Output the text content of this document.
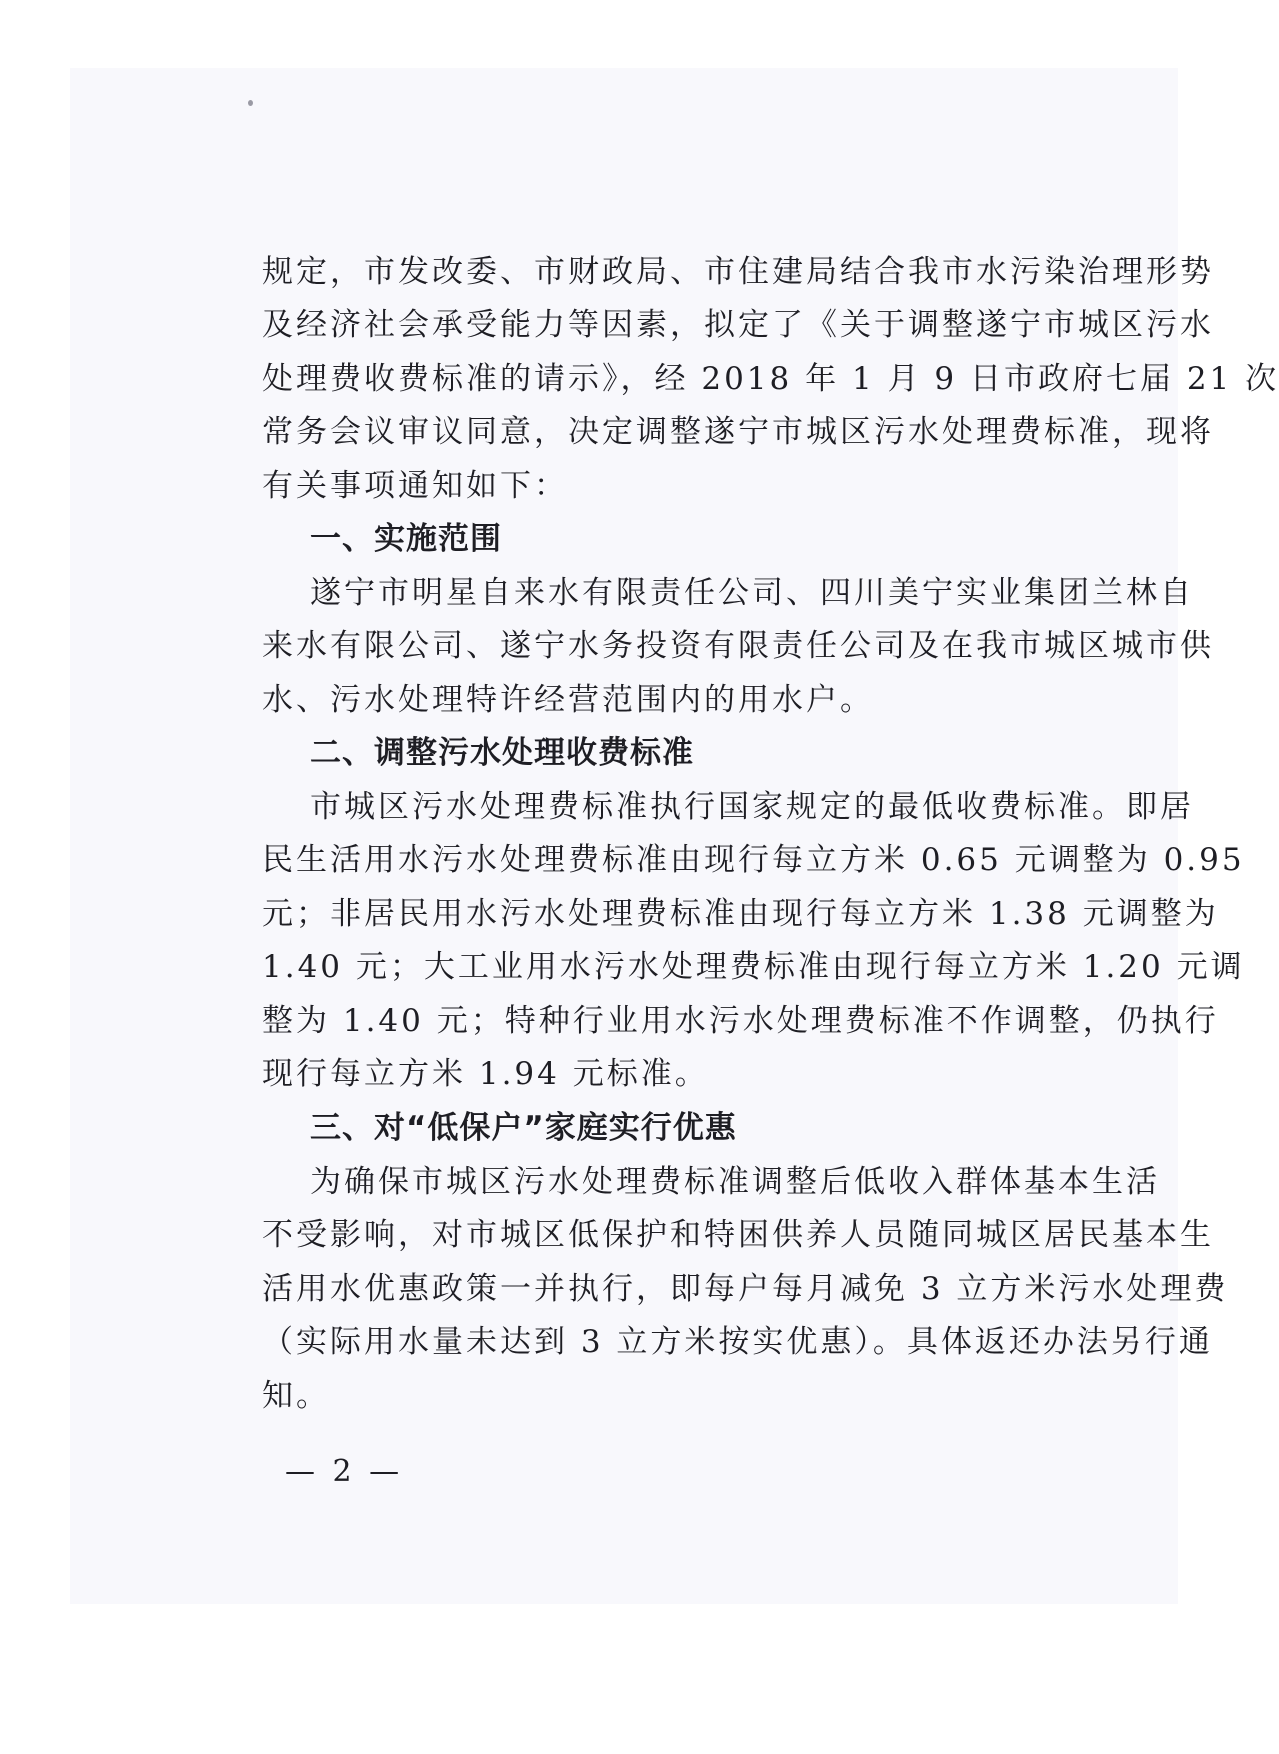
规定，市发改委、市财政局、市住建局结合我市水污染治理形势
及经济社会承受能力等因素，拟定了《关于调整遂宁市城区污水
处理费收费标准的请示》，经 2018 年 1 月 9 日市政府七届 21 次
常务会议审议同意，决定调整遂宁市城区污水处理费标准，现将
有关事项通知如下：
一、实施范围
遂宁市明星自来水有限责任公司、四川美宁实业集团兰林自
来水有限公司、遂宁水务投资有限责任公司及在我市城区城市供
水、污水处理特许经营范围内的用水户。
二、调整污水处理收费标准
市城区污水处理费标准执行国家规定的最低收费标准。即居
民生活用水污水处理费标准由现行每立方米 0.65 元调整为 0.95
元；非居民用水污水处理费标准由现行每立方米 1.38 元调整为
1.40 元；大工业用水污水处理费标准由现行每立方米 1.20 元调
整为 1.40 元；特种行业用水污水处理费标准不作调整，仍执行
现行每立方米 1.94 元标准。
三、对“低保户”家庭实行优惠
为确保市城区污水处理费标准调整后低收入群体基本生活
不受影响，对市城区低保护和特困供养人员随同城区居民基本生
活用水优惠政策一并执行，即每户每月减免 3 立方米污水处理费
（实际用水量未达到 3 立方米按实优惠）。具体返还办法另行通
知。
— 2 —
